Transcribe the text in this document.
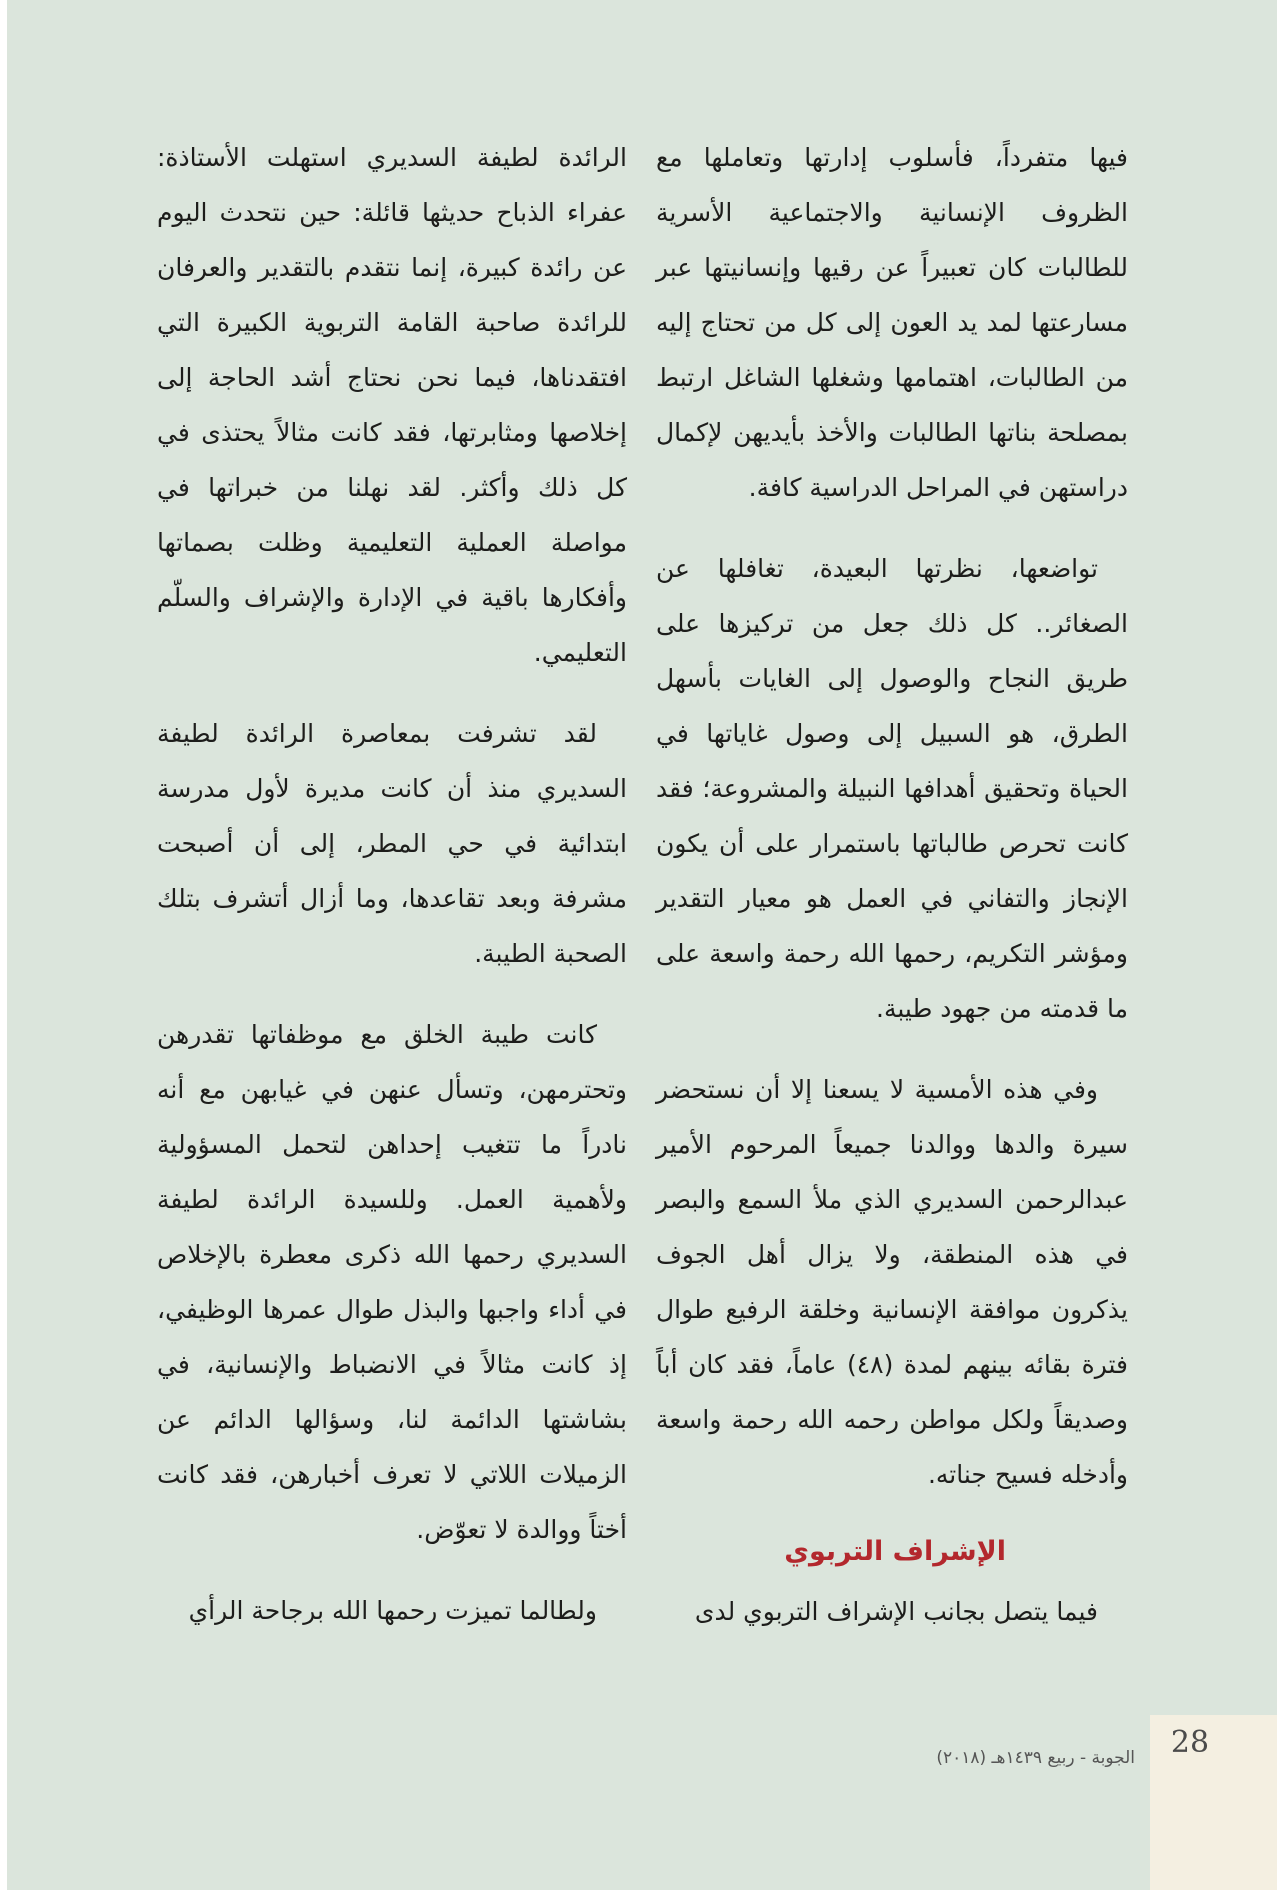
فيها متفرداً، فأسلوب إدارتها وتعاملها مع الظروف الإنسانية والاجتماعية الأسرية للطالبات كان تعبيراً عن رقيها وإنسانيتها عبر مسارعتها لمد يد العون إلى كل من تحتاج إليه من الطالبات، اهتمامها وشغلها الشاغل ارتبط بمصلحة بناتها الطالبات والأخذ بأيديهن لإكمال دراستهن في المراحل الدراسية كافة.

تواضعها، نظرتها البعيدة، تغافلها عن الصغائر.. كل ذلك جعل من تركيزها على طريق النجاح والوصول إلى الغايات بأسهل الطرق، هو السبيل إلى وصول غاياتها في الحياة وتحقيق أهدافها النبيلة والمشروعة؛ فقد كانت تحرص طالباتها باستمرار على أن يكون الإنجاز والتفاني في العمل هو معيار التقدير ومؤشر التكريم، رحمها الله رحمة واسعة على ما قدمته من جهود طيبة.

وفي هذه الأمسية لا يسعنا إلا أن نستحضر سيرة والدها ووالدنا جميعاً المرحوم الأمير عبدالرحمن السديري الذي ملأ السمع والبصر في هذه المنطقة، ولا يزال أهل الجوف يذكرون موافقة الإنسانية وخلقة الرفيع طوال فترة بقائه بينهم لمدة (٤٨) عاماً، فقد كان أباً وصديقاً ولكل مواطن رحمه الله رحمة واسعة وأدخله فسيح جناته.

الإشراف التربوي

فيما يتصل بجانب الإشراف التربوي لدى

الرائدة لطيفة السديري استهلت الأستاذة: عفراء الذباح حديثها قائلة: حين نتحدث اليوم عن رائدة كبيرة، إنما نتقدم بالتقدير والعرفان للرائدة صاحبة القامة التربوية الكبيرة التي افتقدناها، فيما نحن نحتاج أشد الحاجة إلى إخلاصها ومثابرتها، فقد كانت مثالاً يحتذى في كل ذلك وأكثر. لقد نهلنا من خبراتها في مواصلة العملية التعليمية وظلت بصماتها وأفكارها باقية في الإدارة والإشراف والسلّم التعليمي.

لقد تشرفت بمعاصرة الرائدة لطيفة السديري منذ أن كانت مديرة لأول مدرسة ابتدائية في حي المطر، إلى أن أصبحت مشرفة وبعد تقاعدها، وما أزال أتشرف بتلك الصحبة الطيبة.

كانت طيبة الخلق مع موظفاتها تقدرهن وتحترمهن، وتسأل عنهن في غيابهن مع أنه نادراً ما تتغيب إحداهن لتحمل المسؤولية ولأهمية العمل. وللسيدة الرائدة لطيفة السديري رحمها الله ذكرى معطرة بالإخلاص في أداء واجبها والبذل طوال عمرها الوظيفي، إذ كانت مثالاً في الانضباط والإنسانية، في بشاشتها الدائمة لنا، وسؤالها الدائم عن الزميلات اللاتي لا تعرف أخبارهن، فقد كانت أختاً ووالدة لا تعوّض.

ولطالما تميزت رحمها الله برجاحة الرأي

28
الجوبة - ربيع ١٤٣٩هـ (٢٠١٨)
